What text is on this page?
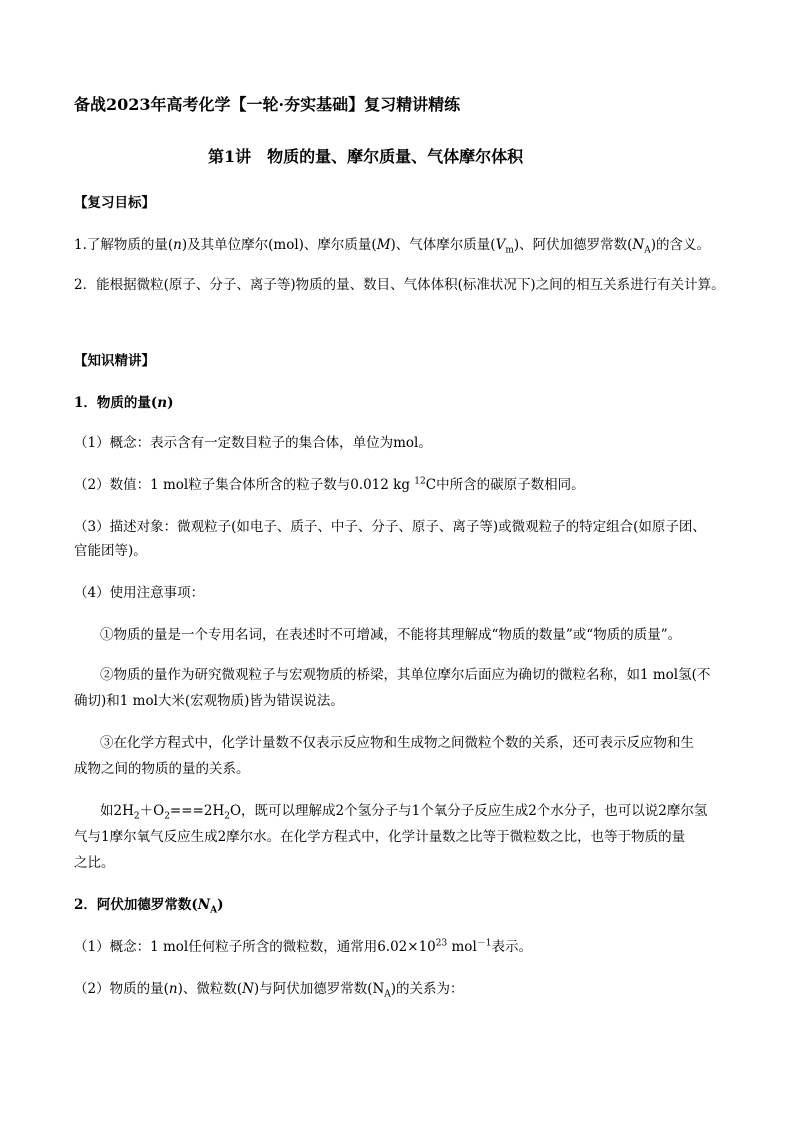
备战2023年高考化学【一轮·夯实基础】复习精讲精练
第1讲　物质的量、摩尔质量、气体摩尔体积
【复习目标】
1.了解物质的量(n)及其单位摩尔(mol)、摩尔质量(M)、气体摩尔质量$(V_m)$、阿伏加德罗常数$(N_A)$的含义。
2．能根据微粒(原子、分子、离子等)物质的量、数目、气体体积(标准状况下)之间的相互关系进行有关计算。
【知识精讲】
1．物质的量(n)
（1）概念：表示含有一定数目粒子的集合体，单位为mol。
（2）数值：1 mol粒子集合体所含的粒子数与0.012 kg $^{12}$C中所含的碳原子数相同。
（3）描述对象：微观粒子(如电子、质子、中子、分子、原子、离子等)或微观粒子的特定组合(如原子团、
官能团等)。
（4）使用注意事项：
①物质的量是一个专用名词，在表述时不可增减，不能将其理解成“物质的数量”或“物质的质量”。
②物质的量作为研究微观粒子与宏观物质的桥梁，其单位摩尔后面应为确切的微粒名称，如1 mol氢(不
确切)和1 mol大米(宏观物质)皆为错误说法。
③在化学方程式中，化学计量数不仅表示反应物和生成物之间微粒个数的关系，还可表示反应物和生
成物之间的物质的量的关系。
如$2H_2+O_2===2H_2O$，既可以理解成2个氢分子与1个氧分子反应生成2个水分子，也可以说2摩尔氢
气与1摩尔氧气反应生成2摩尔水。在化学方程式中，化学计量数之比等于微粒数之比，也等于物质的量
之比。
2．阿伏加德罗常数$(N_A)$
（1）概念：1 mol任何粒子所含的微粒数，通常用$6.02\times 10^{23}$ mol$^{-1}$表示。
（2）物质的量(n)、微粒数(N)与阿伏加德罗常数$(N_A)$的关系为：
